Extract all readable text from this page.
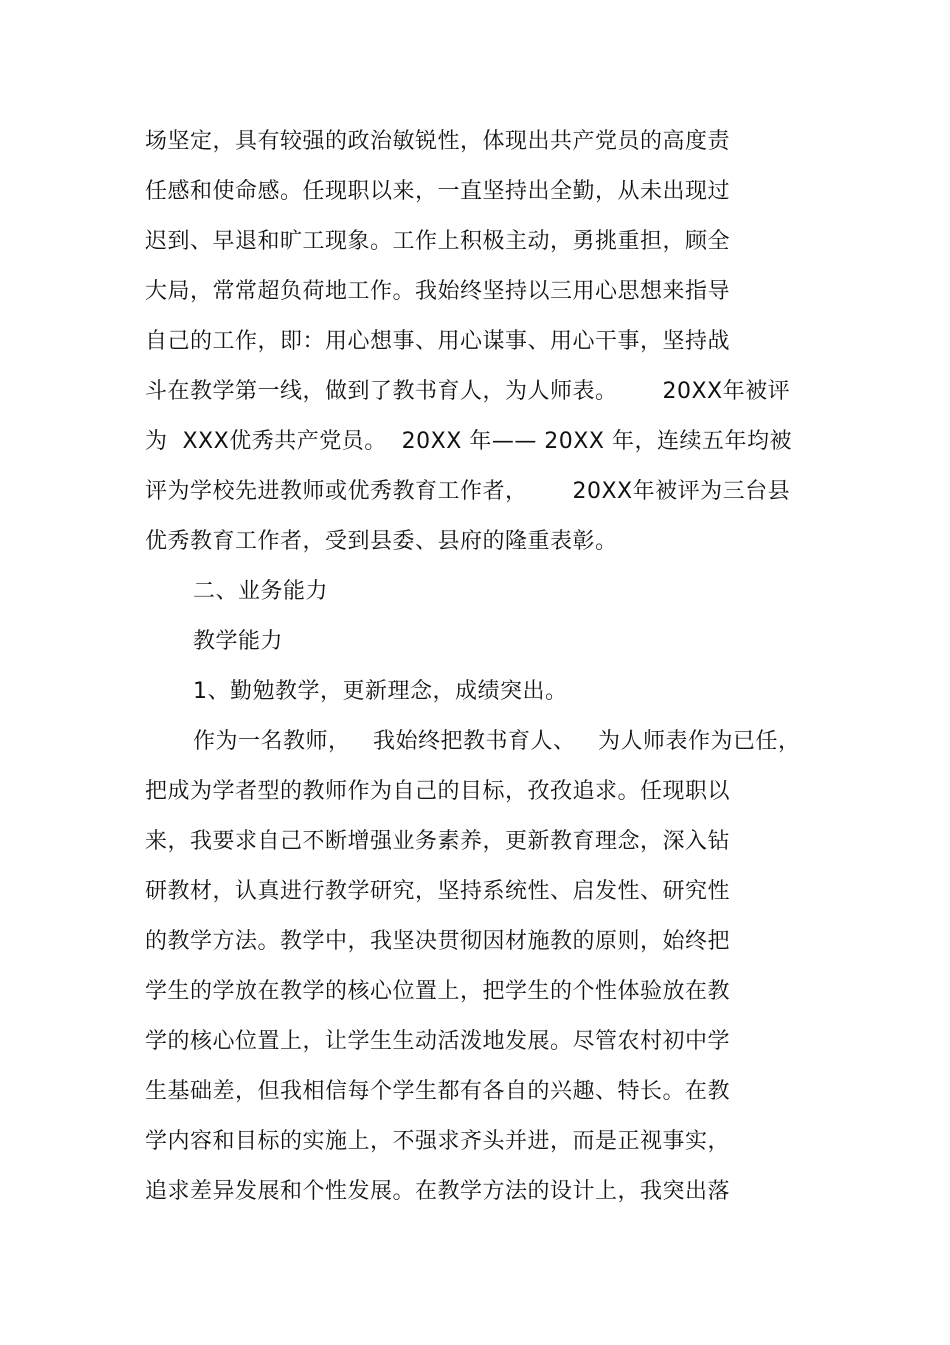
场坚定，具有较强的政治敏锐性，体现出共产党员的高度责
任感和使命感。任现职以来，一直坚持出全勤，从未出现过
迟到、早退和旷工现象。工作上积极主动，勇挑重担，顾全
大局，常常超负荷地工作。我始终坚持以三用心思想来指导
自己的工作，即：用心想事、用心谋事、用心干事，坚持战
斗在教学第一线，做到了教书育人，为人师表。      20XX年被评
为  XXX优秀共产党员。  20XX 年—— 20XX 年，连续五年均被
评为学校先进教师或优秀教育工作者，      20XX年被评为三台县
优秀教育工作者，受到县委、县府的隆重表彰。
二、业务能力
教学能力
1、勤勉教学，更新理念，成绩突出。
作为一名教师，   我始终把教书育人、   为人师表作为已任，
把成为学者型的教师作为自己的目标，孜孜追求。任现职以
来，我要求自己不断增强业务素养，更新教育理念，深入钻
研教材，认真进行教学研究，坚持系统性、启发性、研究性
的教学方法。教学中，我坚决贯彻因材施教的原则，始终把
学生的学放在教学的核心位置上，把学生的个性体验放在教
学的核心位置上，让学生生动活泼地发展。尽管农村初中学
生基础差，但我相信每个学生都有各自的兴趣、特长。在教
学内容和目标的实施上，不强求齐头并进，而是正视事实，
追求差异发展和个性发展。在教学方法的设计上，我突出落
